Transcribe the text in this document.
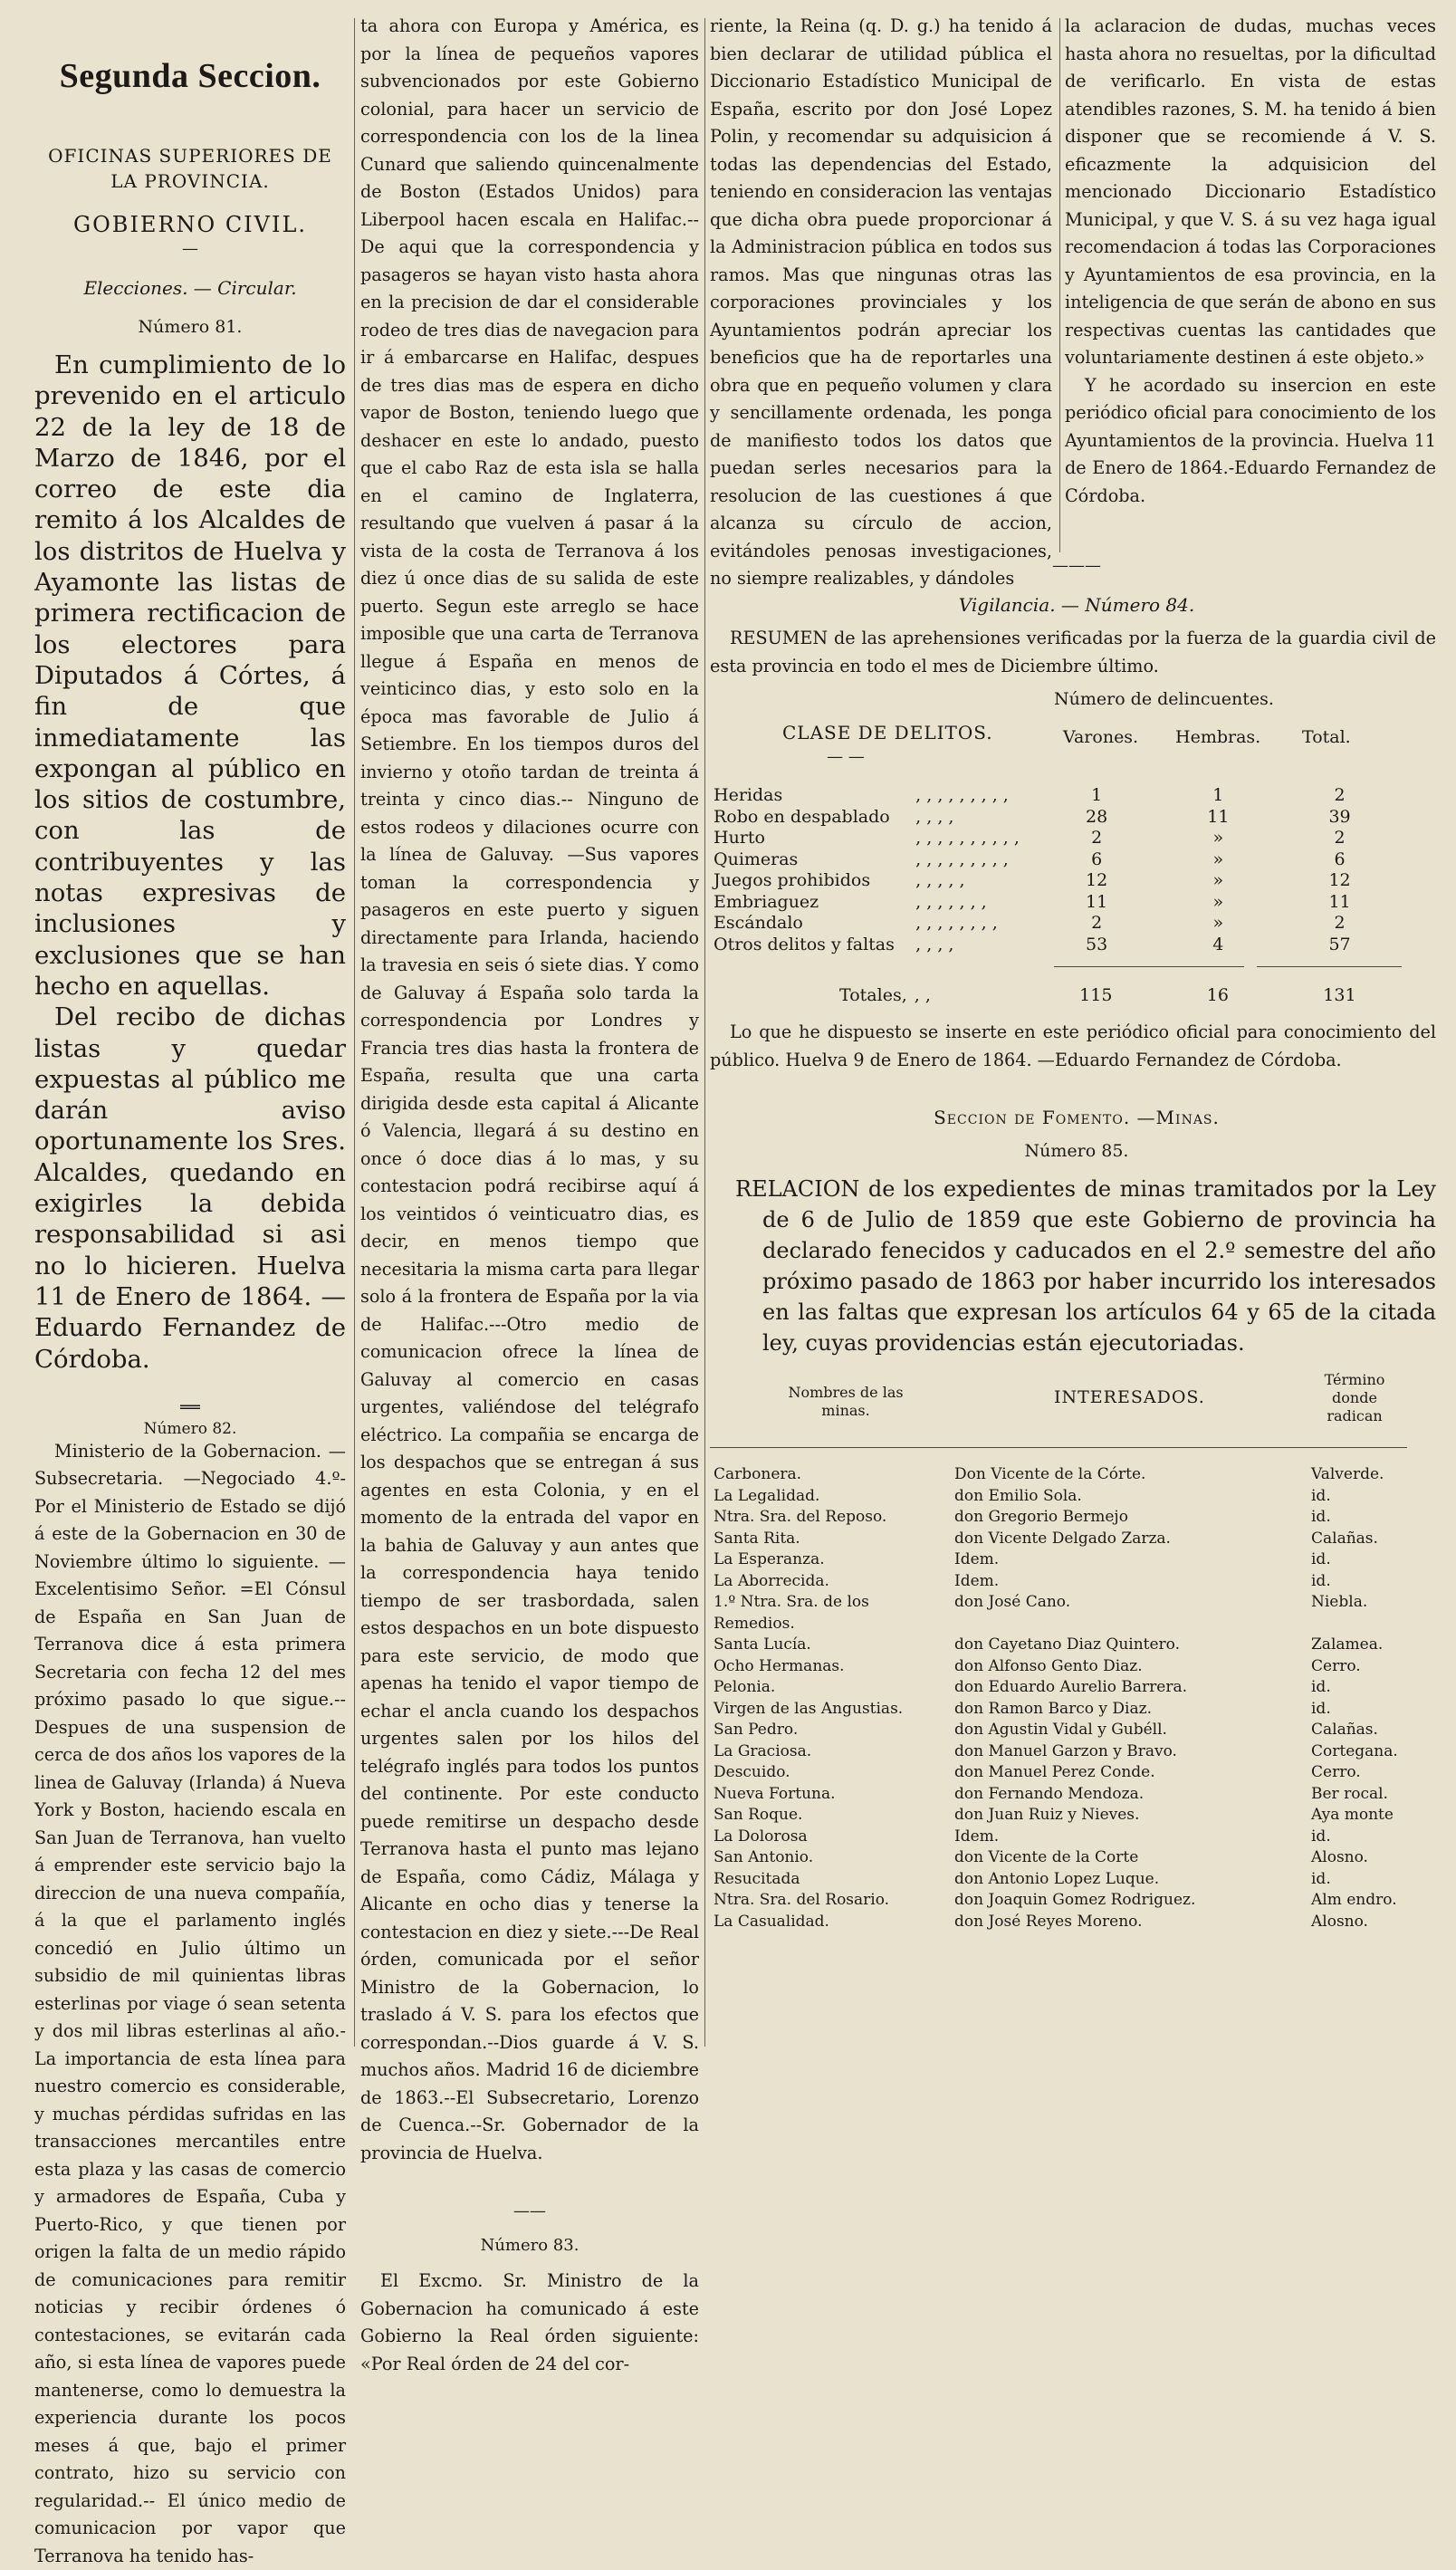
Segunda Seccion.
OFICINAS SUPERIORES DE LA PROVINCIA.
GOBIERNO CIVIL.
—
Elecciones. — Circular.
Número 81.

En cumplimiento de lo prevenido en el articulo 22 de la ley de 18 de Marzo de 1846, por el correo de este dia remito á los Alcaldes de los distritos de Huelva y Ayamonte las listas de primera rectificacion de los electores para Diputados á Córtes, á fin de que inmediatamente las expongan al público en los sitios de costumbre, con las de contribuyentes y las notas expresivas de inclusiones y exclusiones que se han hecho en aquellas.

Del recibo de dichas listas y quedar expuestas al público me darán aviso oportunamente los Sres. Alcaldes, quedando en exigirles la debida responsabilidad si asi no lo hicieren. Huelva 11 de Enero de 1864. —Eduardo Fernandez de Córdoba.

══
Número 82.

Ministerio de la Gobernacion. — Subsecretaria. —Negociado 4.º-Por el Ministerio de Estado se dijó á este de la Gobernacion en 30 de Noviembre último lo siguiente. —Excelentisimo Señor. =El Cónsul de España en San Juan de Terranova dice á esta primera Secretaria con fecha 12 del mes próximo pasado lo que sigue.--Despues de una suspension de cerca de dos años los vapores de la linea de Galuvay (Irlanda) á Nueva York y Boston, haciendo escala en San Juan de Terranova, han vuelto á emprender este servicio bajo la direccion de una nueva compañía, á la que el parlamento inglés concedió en Julio último un subsidio de mil quinientas libras esterlinas por viage ó sean setenta y dos mil libras esterlinas al año.-La importancia de esta línea para nuestro comercio es considerable, y muchas pérdidas sufridas en las transacciones mercantiles entre esta plaza y las casas de comercio y armadores de España, Cuba y Puerto-Rico, y que tienen por origen la falta de un medio rápido de comunicaciones para remitir noticias y recibir órdenes ó contestaciones, se evitarán cada año, si esta línea de vapores puede mantenerse, como lo demuestra la experiencia durante los pocos meses á que, bajo el primer contrato, hizo su servicio con regularidad.-- El único medio de comunicacion por vapor que Terranova ha tenido has-

ta ahora con Europa y América, es por la línea de pequeños vapores subvencionados por este Gobierno colonial, para hacer un servicio de correspondencia con los de la linea Cunard que saliendo quincenalmente de Boston (Estados Unidos) para Liberpool hacen escala en Halifac.-- De aqui que la correspondencia y pasageros se hayan visto hasta ahora en la precision de dar el considerable rodeo de tres dias de navegacion para ir á embarcarse en Halifac, despues de tres dias mas de espera en dicho vapor de Boston, teniendo luego que deshacer en este lo andado, puesto que el cabo Raz de esta isla se halla en el camino de Inglaterra, resultando que vuelven á pasar á la vista de la costa de Terranova á los diez ú once dias de su salida de este puerto. Segun este arreglo se hace imposible que una carta de Terranova llegue á España en menos de veinticinco dias, y esto solo en la época mas favorable de Julio á Setiembre. En los tiempos duros del invierno y otoño tardan de treinta á treinta y cinco dias.-- Ninguno de estos rodeos y dilaciones ocurre con la línea de Galuvay. —Sus vapores toman la correspondencia y pasageros en este puerto y siguen directamente para Irlanda, haciendo la travesia en seis ó siete dias. Y como de Galuvay á España solo tarda la correspondencia por Londres y Francia tres dias hasta la frontera de España, resulta que una carta dirigida desde esta capital á Alicante ó Valencia, llegará á su destino en once ó doce dias á lo mas, y su contestacion podrá recibirse aquí á los veintidos ó veinticuatro dias, es decir, en menos tiempo que necesitaria la misma carta para llegar solo á la frontera de España por la via de Halifac.---Otro medio de comunicacion ofrece la línea de Galuvay al comercio en casas urgentes, valiéndose del telégrafo eléctrico. La compañia se encarga de los despachos que se entregan á sus agentes en esta Colonia, y en el momento de la entrada del vapor en la bahia de Galuvay y aun antes que la correspondencia haya tenido tiempo de ser trasbordada, salen estos despachos en un bote dispuesto para este servicio, de modo que apenas ha tenido el vapor tiempo de echar el ancla cuando los despachos urgentes salen por los hilos del telégrafo inglés para todos los puntos del continente. Por este conducto puede remitirse un despacho desde Terranova hasta el punto mas lejano de España, como Cádiz, Málaga y Alicante en ocho dias y tenerse la contestacion en diez y siete.---De Real órden, comunicada por el señor Ministro de la Gobernacion, lo traslado á V. S. para los efectos que correspondan.--Dios guarde á V. S. muchos años. Madrid 16 de diciembre de 1863.--El Subsecretario, Lorenzo de Cuenca.--Sr. Gobernador de la provincia de Huelva.

——
Número 83.

El Excmo. Sr. Ministro de la Gobernacion ha comunicado á este Gobierno la Real órden siguiente: «Por Real órden de 24 del cor-

riente, la Reina (q. D. g.) ha tenido á bien declarar de utilidad pública el Diccionario Estadístico Municipal de España, escrito por don José Lopez Polin, y recomendar su adquisicion á todas las dependencias del Estado, teniendo en consideracion las ventajas que dicha obra puede proporcionar á la Administracion pública en todos sus ramos. Mas que ningunas otras las corporaciones provinciales y los Ayuntamientos podrán apreciar los beneficios que ha de reportarles una obra que en pequeño volumen y clara y sencillamente ordenada, les ponga de manifiesto todos los datos que puedan serles necesarios para la resolucion de las cuestiones á que alcanza su círculo de accion, evitándoles penosas investigaciones, no siempre realizables, y dándoles

la aclaracion de dudas, muchas veces hasta ahora no resueltas, por la dificultad de verificarlo. En vista de estas atendibles razones, S. M. ha tenido á bien disponer que se recomiende á V. S. eficazmente la adquisicion del mencionado Diccionario Estadístico Municipal, y que V. S. á su vez haga igual recomendacion á todas las Corporaciones y Ayuntamientos de esa provincia, en la inteligencia de que serán de abono en sus respectivas cuentas las cantidades que voluntariamente destinen á este objeto.»

Y he acordado su insercion en este periódico oficial para conocimiento de los Ayuntamientos de la provincia. Huelva 11 de Enero de 1864.-Eduardo Fernandez de Córdoba.

———
Vigilancia. — Número 84.

RESUMEN de las aprehensiones verificadas por la fuerza de la guardia civil de esta provincia en todo el mes de Diciembre último.

Número de delincuentes.
CLASE DE DELITOS.	Varones. Hembras. Total.
— —
Heridas	, , , , , , , , ,	1	1	2
Robo en despablado	, , , ,	28	11	39
Hurto	, , , , , , , , , ,	2	»	2
Quimeras	, , , , , , , , ,	6	»	6
Juegos prohibidos	, , , , ,	12	»	12
Embriaguez	, , , , , , ,	11	»	11
Escándalo	, , , , , , , ,	2	»	2
Otros delitos y faltas	, , , ,	53	4	57
Totales,	, ,	115	16	131

Lo que he dispuesto se inserte en este periódico oficial para conocimiento del público. Huelva 9 de Enero de 1864. —Eduardo Fernandez de Córdoba.

Seccion de Fomento. —Minas.
Número 85.

RELACION de los expedientes de minas tramitados por la Ley de 6 de Julio de 1859 que este Gobierno de provincia ha declarado fenecidos y caducados en el 2.º semestre del año próximo pasado de 1863 por haber incurrido los interesados en las faltas que expresan los artículos 64 y 65 de la citada ley, cuyas providencias están ejecutoriadas.

Nombres de las minas.
INTERESADOS.
Término donde radican
Carbonera.	Don Vicente de la Córte.	Valverde.
La Legalidad.	don Emilio Sola.	id.
Ntra. Sra. del Reposo.	don Gregorio Bermejo	id.
Santa Rita.	don Vicente Delgado Zarza.	Calañas.
La Esperanza.	Idem.	id.
La Aborrecida.	Idem.	id.
1.º Ntra. Sra. de los Remedios.	don José Cano.	Niebla.
Santa Lucía.	don Cayetano Diaz Quintero.	Zalamea.
Ocho Hermanas.	don Alfonso Gento Diaz.	Cerro.
Pelonia.	don Eduardo Aurelio Barrera.	id.
Virgen de las Angustias.	don Ramon Barco y Diaz.	id.
San Pedro.	don Agustin Vidal y Gubéll.	Calañas.
La Graciosa.	don Manuel Garzon y Bravo.	Cortegana.
Descuido.	don Manuel Perez Conde.	Cerro.
Nueva Fortuna.	don Fernando Mendoza.	Ber rocal.
San Roque.	don Juan Ruiz y Nieves.	Aya monte
La Dolorosa	Idem.	id.
San Antonio.	don Vicente de la Corte	Alosno.
Resucitada	don Antonio Lopez Luque.	id.
Ntra. Sra. del Rosario.	don Joaquin Gomez Rodriguez.	Alm endro.
La Casualidad.	don José Reyes Moreno.	Alosno.
